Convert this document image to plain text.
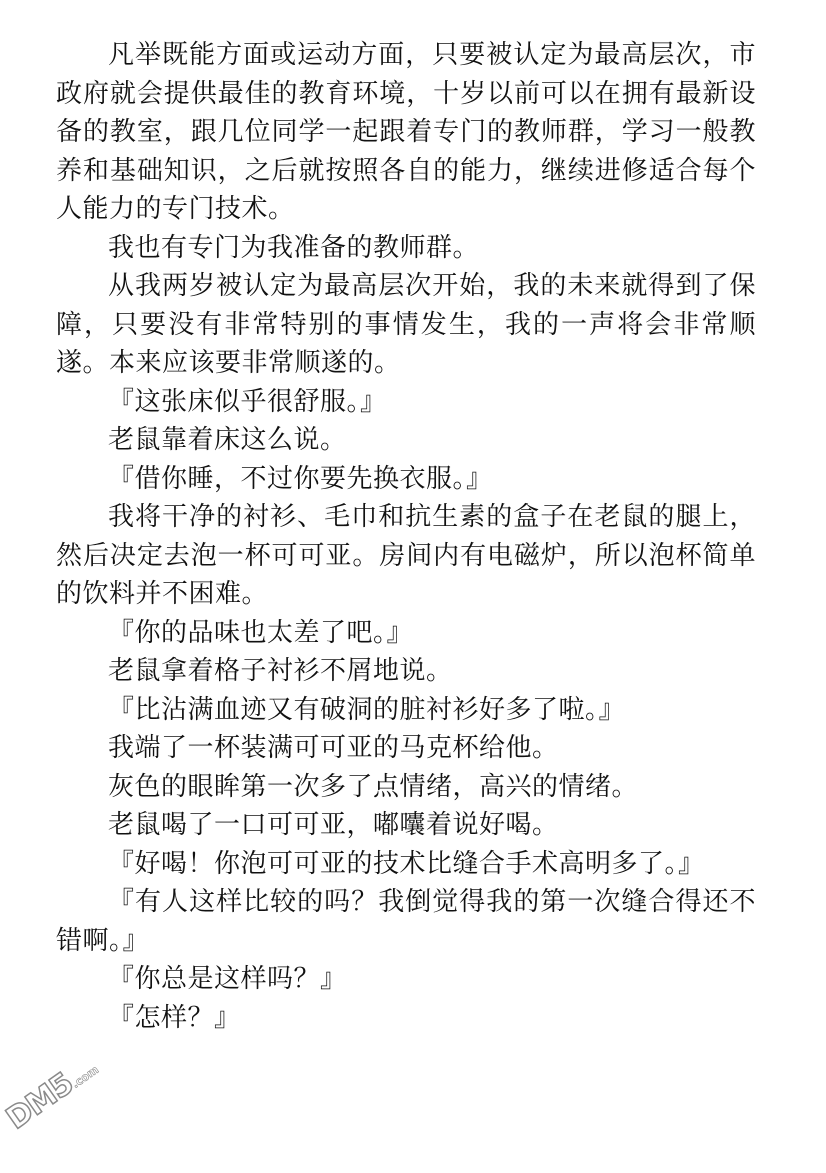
凡举既能方面或运动方面，只要被认定为最高层次，市政府就会提供最佳的教育环境，十岁以前可以在拥有最新设备的教室，跟几位同学一起跟着专门的教师群，学习一般教养和基础知识，之后就按照各自的能力，继续进修适合每个人能力的专门技术。

我也有专门为我准备的教师群。

从我两岁被认定为最高层次开始，我的未来就得到了保障，只要没有非常特别的事情发生，我的一声将会非常顺遂。本来应该要非常顺遂的。

『这张床似乎很舒服。』

老鼠靠着床这么说。

『借你睡，不过你要先换衣服。』

我将干净的衬衫、毛巾和抗生素的盒子在老鼠的腿上，然后决定去泡一杯可可亚。房间内有电磁炉，所以泡杯简单的饮料并不困难。

『你的品味也太差了吧。』

老鼠拿着格子衬衫不屑地说。

『比沾满血迹又有破洞的脏衬衫好多了啦。』

我端了一杯装满可可亚的马克杯给他。

灰色的眼眸第一次多了点情绪，高兴的情绪。

老鼠喝了一口可可亚，嘟囔着说好喝。

『好喝！你泡可可亚的技术比缝合手术高明多了。』

『有人这样比较的吗？我倒觉得我的第一次缝合得还不错啊。』

『你总是这样吗？』

『怎样？』

DM5.com
